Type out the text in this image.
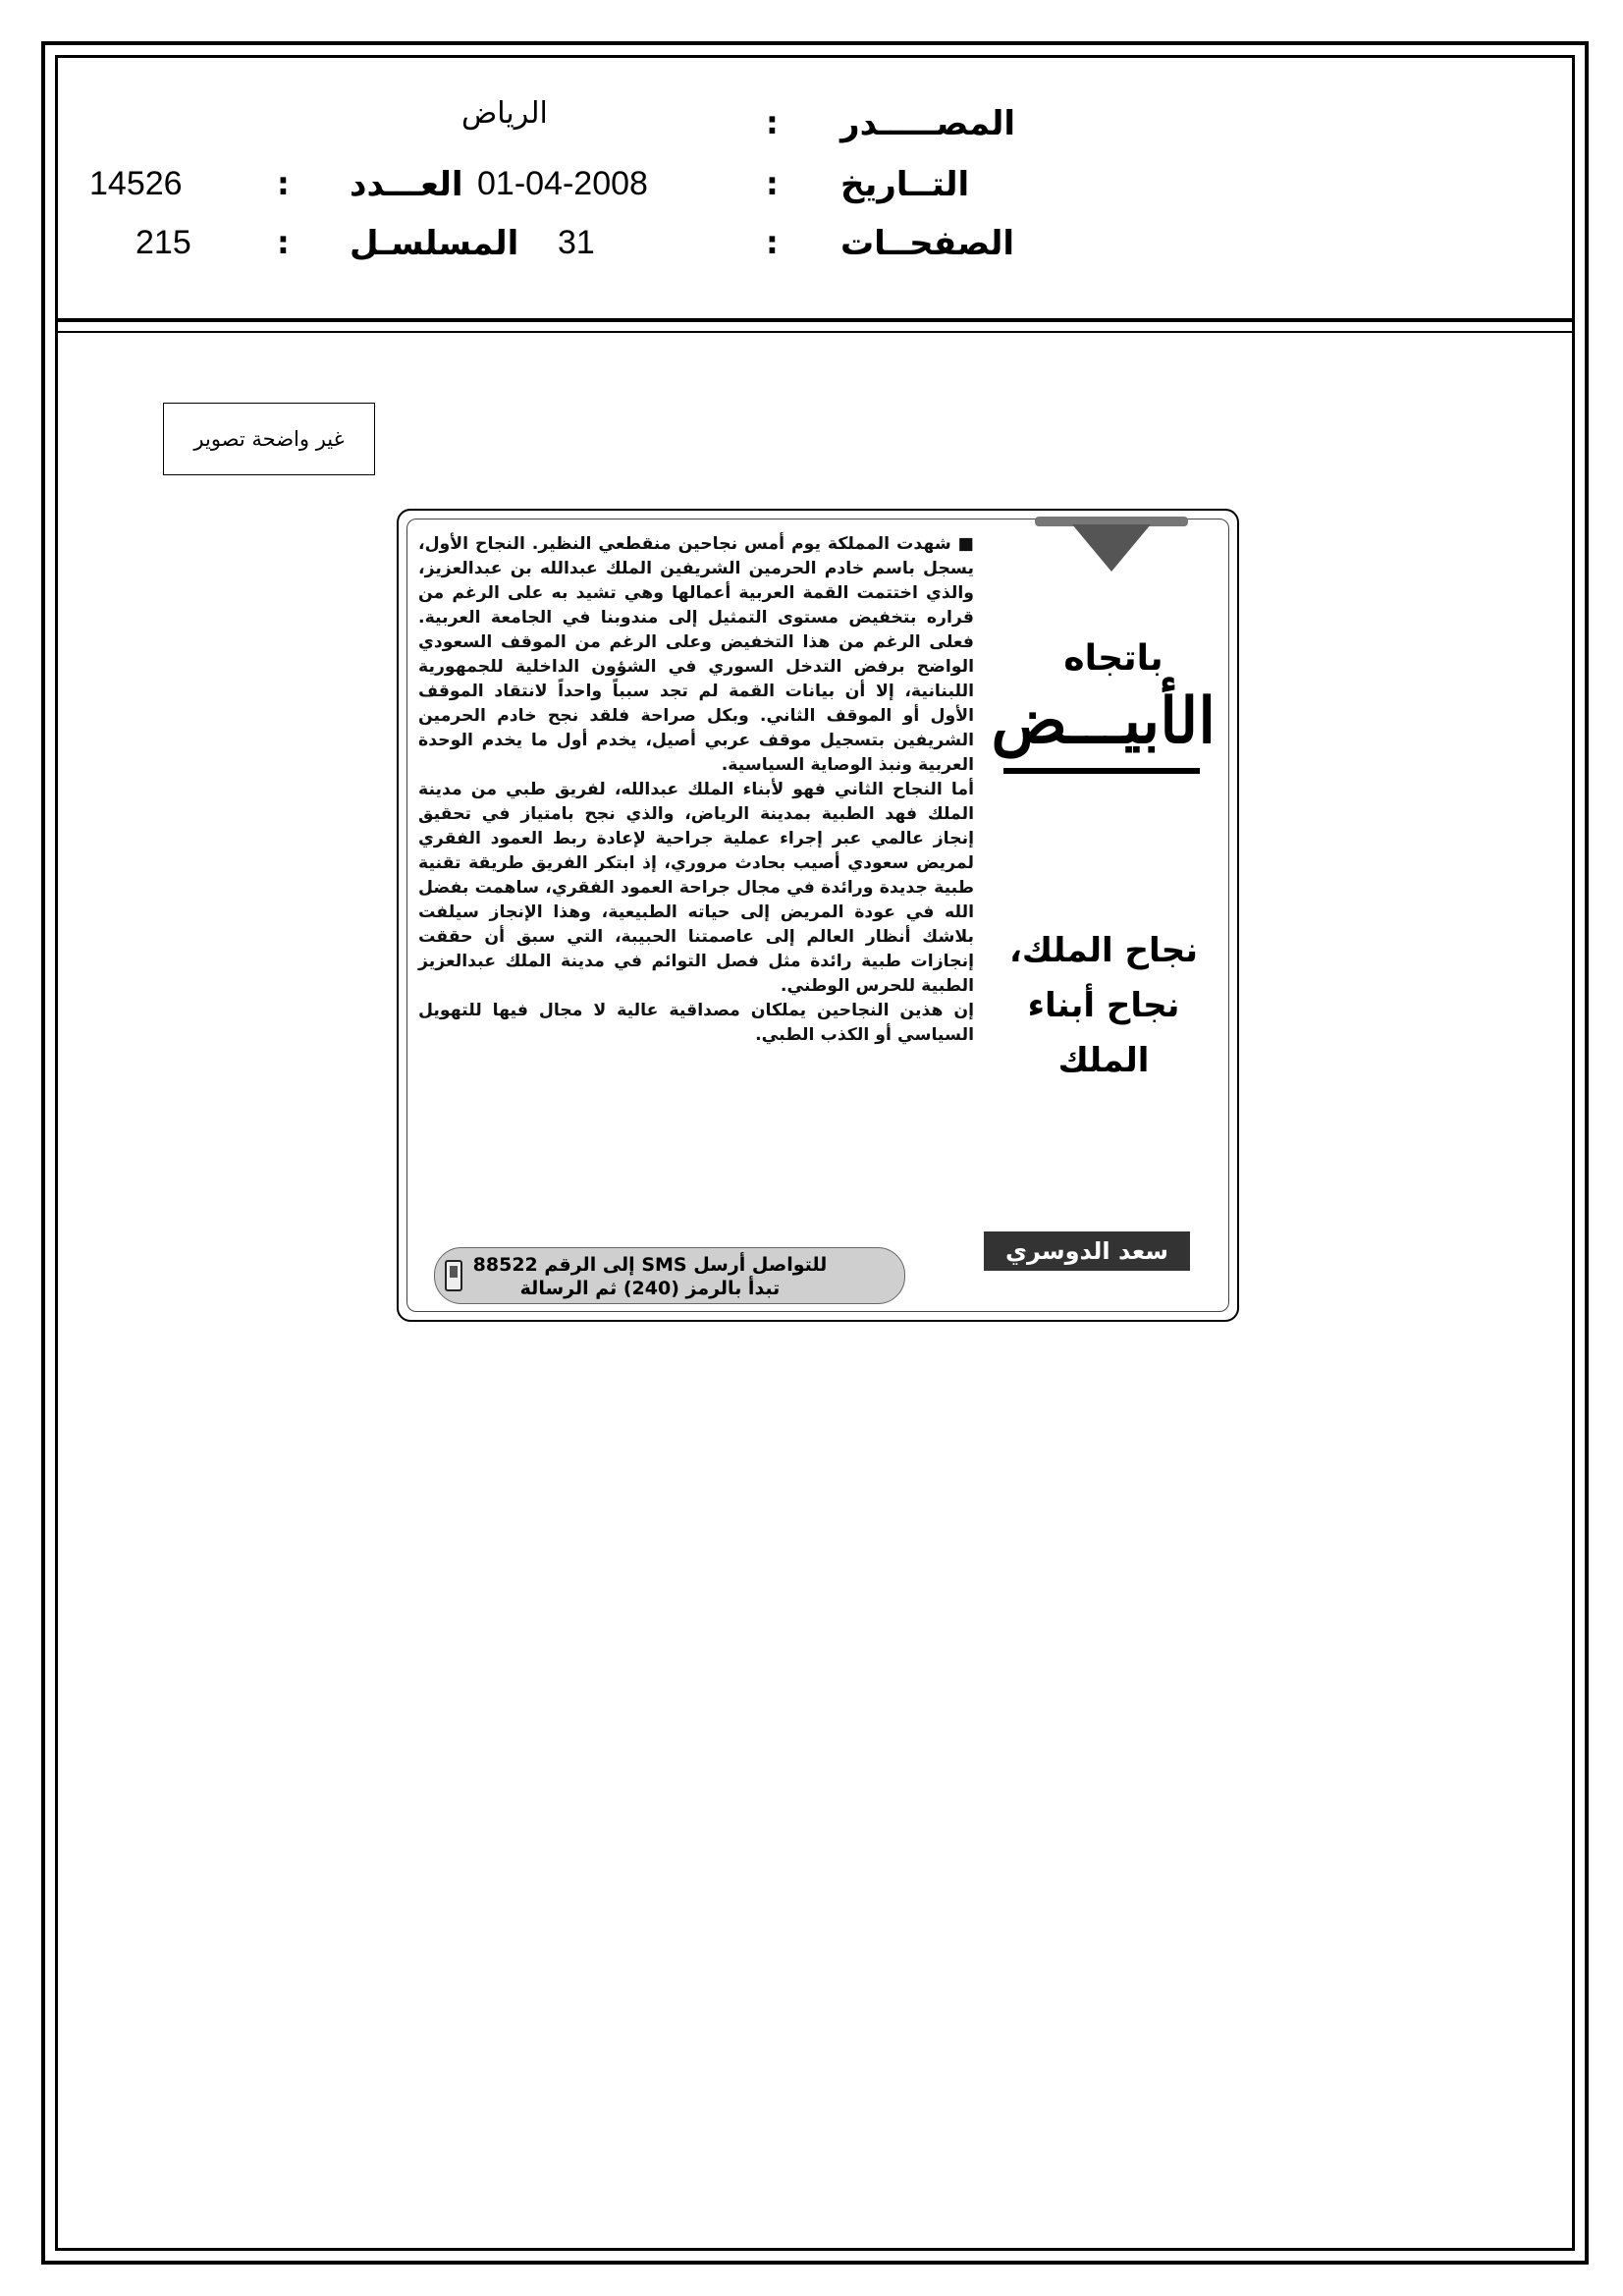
المصـــــدر
:
الرياض
التــاريخ
:
01-04-2008
العـــدد
:
14526
الصفحــات
:
31
المسلسـل
:
215
غير واضحة تصوير

■ شهدت المملكة يوم أمس نجاحين منقطعي النظير. النجاح الأول، يسجل باسم خادم الحرمين الشريفين الملك عبدالله بن عبدالعزيز، والذي اختتمت القمة العربية أعمالها وهي تشيد به على الرغم من قراره بتخفيض مستوى التمثيل إلى مندوبنا في الجامعة العربية. فعلى الرغم من هذا التخفيض وعلى الرغم من الموقف السعودي الواضح برفض التدخل السوري في الشؤون الداخلية للجمهورية اللبنانية، إلا أن بيانات القمة لم تجد سبباً واحداً لانتقاد الموقف الأول أو الموقف الثاني. وبكل صراحة فلقد نجح خادم الحرمين الشريفين بتسجيل موقف عربي أصيل، يخدم أول ما يخدم الوحدة العربية ونبذ الوصاية السياسية.

أما النجاح الثاني فهو لأبناء الملك عبدالله، لفريق طبي من مدينة الملك فهد الطبية بمدينة الرياض، والذي نجح بامتياز في تحقيق إنجاز عالمي عبر إجراء عملية جراحية لإعادة ربط العمود الفقري لمريض سعودي أصيب بحادث مروري، إذ ابتكر الفريق طريقة تقنية طبية جديدة ورائدة في مجال جراحة العمود الفقري، ساهمت بفضل الله في عودة المريض إلى حياته الطبيعية، وهذا الإنجاز سيلفت بلاشك أنظار العالم إلى عاصمتنا الحبيبة، التي سبق أن حققت إنجازات طبية رائدة مثل فصل التوائم في مدينة الملك عبدالعزيز الطبية للحرس الوطني.

إن هذين النجاحين يملكان مصداقية عالية لا مجال فيها للتهويل السياسي أو الكذب الطبي.

باتجاه
الأبيـــض
نجاح الملك،
نجاح أبناء الملك
سعد الدوسري
للتواصل أرسل SMS إلى الرقم 88522
تبدأ بالرمز (240) ثم الرسالة
